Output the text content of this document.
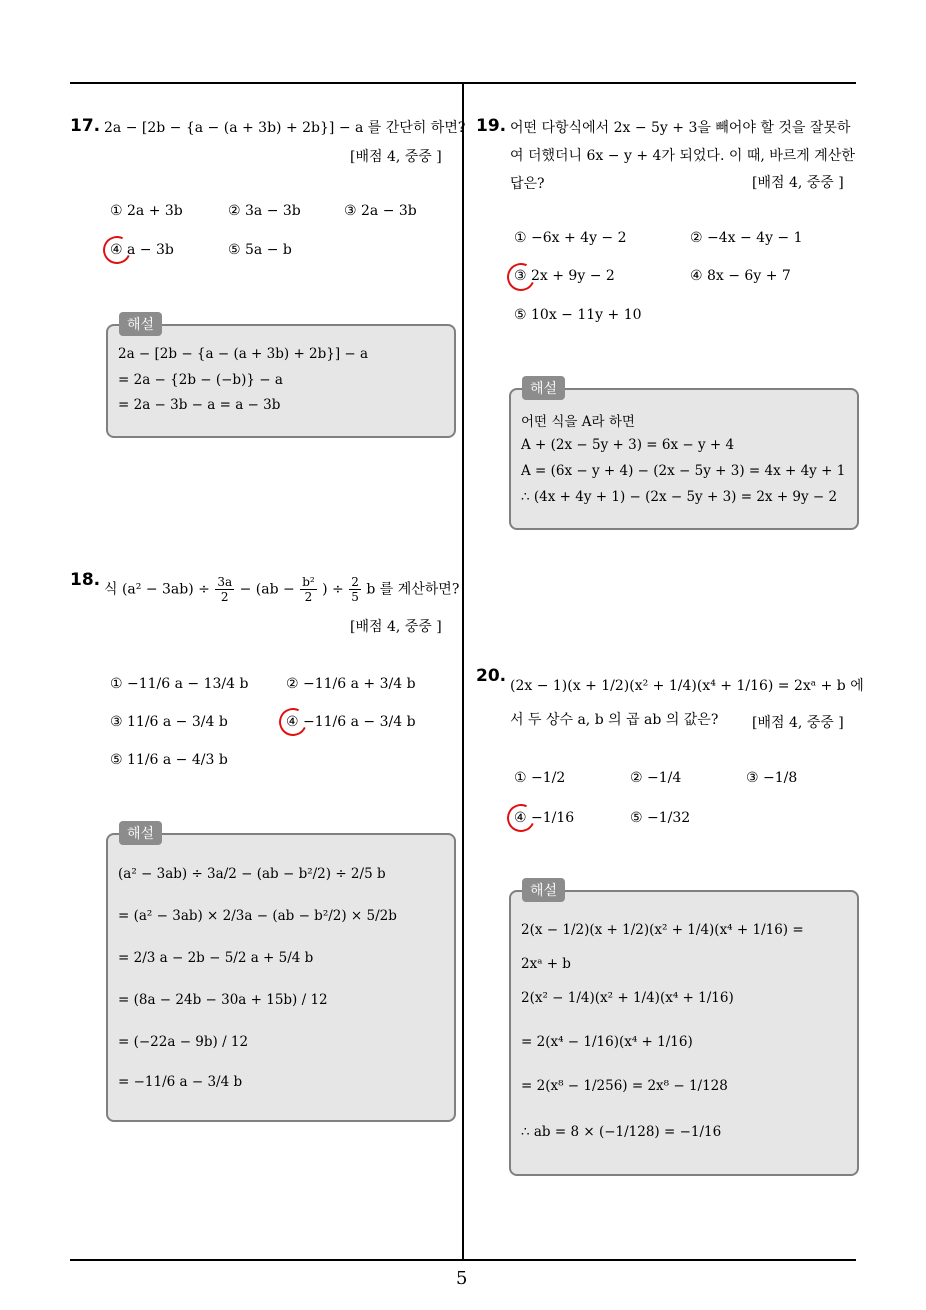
5
17. 2a − [2b − {a − (a + 3b) + 2b}] − a 를 간단히 하면?
[배점 4, 중중 ]
① 2a + 3b	② 3a − 3b	③ 2a − 3b
④ a − 3b	⑤ 5a − b
해설
2a − [2b − {a − (a + 3b) + 2b}] − a
= 2a − {2b − (−b)} − a
= 2a − 3b − a = a − 3b
18. 식 $(a^2 - 3ab) \div \frac{3a}{2} - (ab - \frac{\text{b²}}{2}$ ) ÷ $\frac{2}{5}$ b 를 계산하면?
[배점 4, 중중 ]
① −11/6 a − 13/4 b	② −11/6 a + 3/4 b
③ 11/6 a − 3/4 b	④ −11/6 a − 3/4 b
⑤ 11/6 a − 4/3 b
해설
(a² − 3ab) ÷ 3a/2 − (ab − b²/2) ÷ 2/5 b
= (a² − 3ab) × 2/3a − (ab − b²/2) × 5/2b
= 2/3 a − 2b − 5/2 a + 5/4 b
= (8a − 24b − 30a + 15b) / 12
= (−22a − 9b) / 12
= −11/6 a − 3/4 b
19. 어떤 다항식에서 2x − 5y + 3을 빼어야 할 것을 잘못하
여 더했더니 6x − y + 4가 되었다. 이 때, 바르게 계산한
답은?	[배점 4, 중중 ]
① −6x + 4y − 2	② −4x − 4y − 1
③ 2x + 9y − 2	④ 8x − 6y + 7
⑤ 10x − 11y + 10
해설
어떤 식을 A라 하면
A + (2x − 5y + 3) = 6x − y + 4
A = (6x − y + 4) − (2x − 5y + 3) = 4x + 4y + 1
∴ (4x + 4y + 1) − (2x − 5y + 3) = 2x + 9y − 2
20. (2x − 1)(x + 1/2)(x² + 1/4)(x⁴ + 1/16) = 2xᵃ + b 에
서 두 상수 a, b 의 곱 ab 의 값은? [배점 4, 중중 ]
① −1/2	② −1/4	③ −1/8
④ −1/16	⑤ −1/32
해설
2(x − 1/2)(x + 1/2)(x² + 1/4)(x⁴ + 1/16) =
2xᵃ + b
2(x² − 1/4)(x² + 1/4)(x⁴ + 1/16)
= 2(x⁴ − 1/16)(x⁴ + 1/16)
= 2(x⁸ − 1/256) = 2x⁸ − 1/128
∴ ab = 8 × (−1/128) = −1/16
